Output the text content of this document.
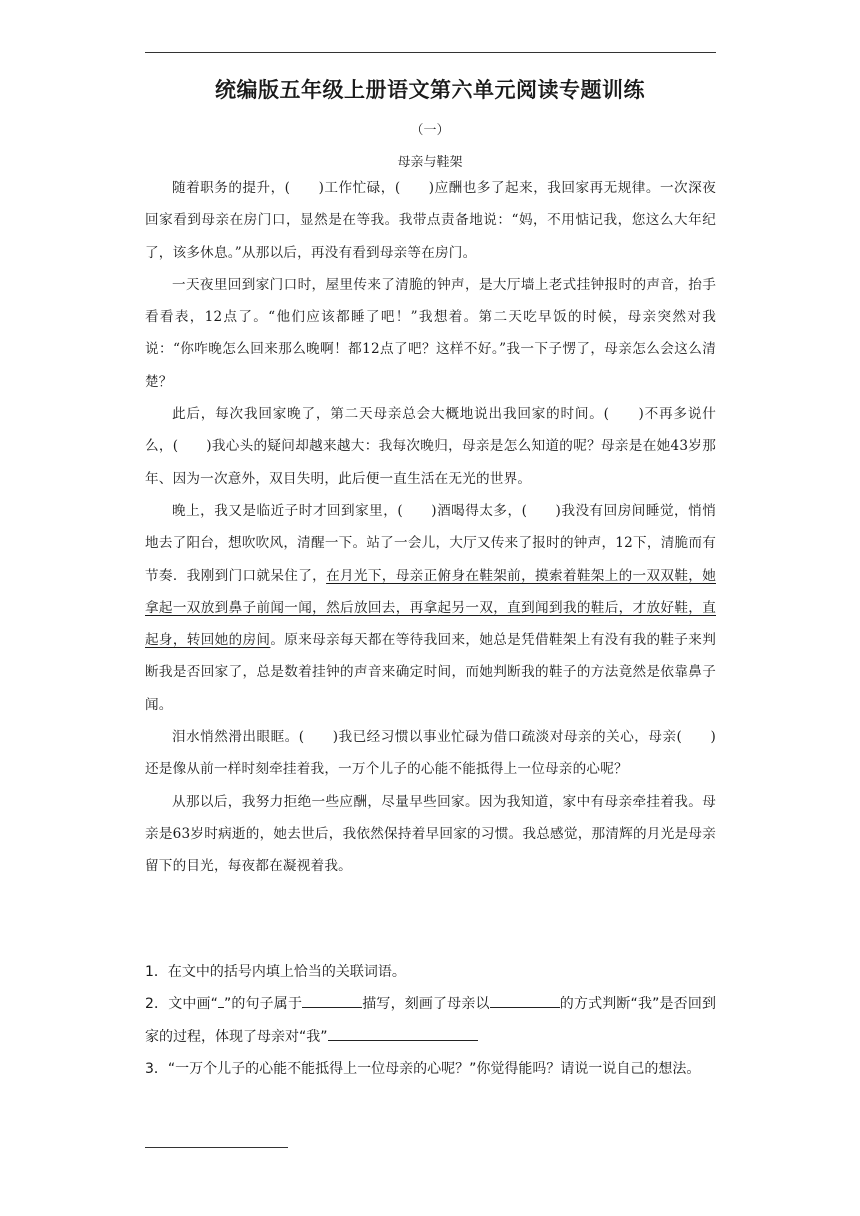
统编版五年级上册语文第六单元阅读专题训练
（一）
母亲与鞋架

随着职务的提升，(　　)工作忙碌，(　　)应酬也多了起来，我回家再无规律。一次深夜回家看到母亲在房门口，显然是在等我。我带点责备地说：“妈，不用惦记我，您这么大年纪了，该多休息。”从那以后，再没有看到母亲等在房门。

一天夜里回到家门口时，屋里传来了清脆的钟声，是大厅墙上老式挂钟报时的声音，抬手看看表，12点了。“他们应该都睡了吧！”我想着。第二天吃早饭的时候，母亲突然对我说：“你咋晚怎么回来那么晚啊！都12点了吧？这样不好。”我一下子愣了，母亲怎么会这么清楚？

此后，每次我回家晚了，第二天母亲总会大概地说出我回家的时间。(　　)不再多说什么，(　　)我心头的疑问却越来越大：我每次晚归，母亲是怎么知道的呢？母亲是在她43岁那年、因为一次意外，双目失明，此后便一直生活在无光的世界。

晚上，我又是临近子时才回到家里，(　　)酒喝得太多，(　　)我没有回房间睡觉，悄悄地去了阳台，想吹吹风，清醒一下。站了一会儿，大厅又传来了报时的钟声，12下，清脆而有节奏．我刚到门口就呆住了，在月光下，母亲正俯身在鞋架前，摸索着鞋架上的一双双鞋，她拿起一双放到鼻子前闻一闻，然后放回去，再拿起另一双，直到闻到我的鞋后，才放好鞋，直起身，转回她的房间。原来母亲每天都在等待我回来，她总是凭借鞋架上有没有我的鞋子来判断我是否回家了，总是数着挂钟的声音来确定时间，而她判断我的鞋子的方法竟然是依靠鼻子闻。

泪水悄然滑出眼眶。(　　)我已经习惯以事业忙碌为借口疏淡对母亲的关心，母亲(　　)还是像从前一样时刻牵挂着我，一万个儿子的心能不能抵得上一位母亲的心呢？

从那以后，我努力拒绝一些应酬，尽量早些回家。因为我知道，家中有母亲牵挂着我。母亲是63岁时病逝的，她去世后，我依然保持着早回家的习惯。我总感觉，那清辉的月光是母亲留下的目光，每夜都在凝视着我。

1．在文中的括号内填上恰当的关联词语。

2．文中画“ ”的句子属于	描写，刻画了母亲以	的方式判断“我”是否回到家的过程，体现了母亲对“我”

3．“一万个儿子的心能不能抵得上一位母亲的心呢？”你觉得能吗？请说一说自己的想法。
